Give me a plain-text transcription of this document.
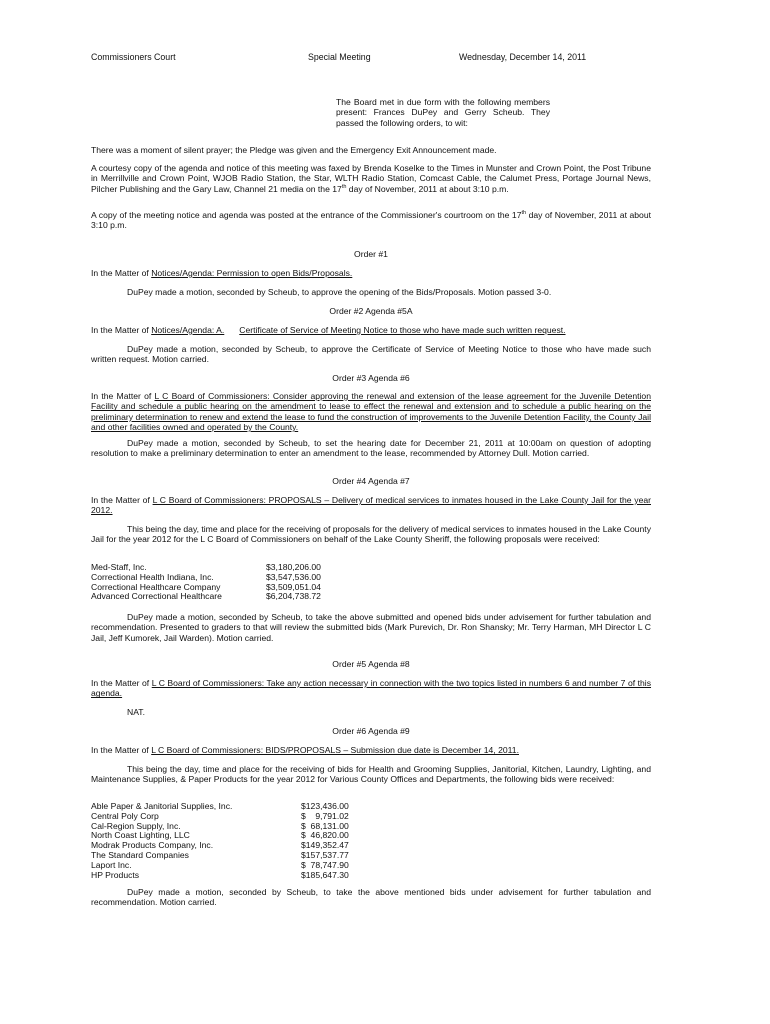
Commissioners Court	Special Meeting	Wednesday, December 14, 2011
The Board met in due form with the following members present: Frances DuPey and Gerry Scheub. They passed the following orders, to wit:
There was a moment of silent prayer; the Pledge was given and the Emergency Exit Announcement made.
A courtesy copy of the agenda and notice of this meeting was faxed by Brenda Koselke to the Times in Munster and Crown Point, the Post Tribune in Merrillville and Crown Point, WJOB Radio Station, the Star, WLTH Radio Station, Comcast Cable, the Calumet Press, Portage Journal News, Pilcher Publishing and the Gary Law, Channel 21 media on the 17th day of November, 2011 at about 3:10 p.m.
A copy of the meeting notice and agenda was posted at the entrance of the Commissioner's courtroom on the 17th day of November, 2011 at about 3:10 p.m.
Order #1
In the Matter of Notices/Agenda: Permission to open Bids/Proposals.
DuPey made a motion, seconded by Scheub, to approve the opening of the Bids/Proposals. Motion passed 3-0.
Order #2 Agenda #5A
In the Matter of Notices/Agenda: A. Certificate of Service of Meeting Notice to those who have made such written request.
DuPey made a motion, seconded by Scheub, to approve the Certificate of Service of Meeting Notice to those who have made such written request. Motion carried.
Order #3 Agenda #6
In the Matter of L C Board of Commissioners: Consider approving the renewal and extension of the lease agreement for the Juvenile Detention Facility and schedule a public hearing on the amendment to lease to effect the renewal and extension and to schedule a public hearing on the preliminary determination to renew and extend the lease to fund the construction of improvements to the Juvenile Detention Facility, the County Jail and other facilities owned and operated by the County.
DuPey made a motion, seconded by Scheub, to set the hearing date for December 21, 2011 at 10:00am on question of adopting resolution to make a preliminary determination to enter an amendment to the lease, recommended by Attorney Dull. Motion carried.
Order #4 Agenda #7
In the Matter of L C Board of Commissioners: PROPOSALS – Delivery of medical services to inmates housed in the Lake County Jail for the year 2012.
This being the day, time and place for the receiving of proposals for the delivery of medical services to inmates housed in the Lake County Jail for the year 2012 for the L C Board of Commissioners on behalf of the Lake County Sheriff, the following proposals were received:
Med-Staff, Inc.	$3,180,206.00
Correctional Health Indiana, Inc.	$3,547,536.00
Correctional Healthcare Company	$3,509,051.04
Advanced Correctional Healthcare	$6,204,738.72
DuPey made a motion, seconded by Scheub, to take the above submitted and opened bids under advisement for further tabulation and recommendation. Presented to graders to that will review the submitted bids (Mark Purevich, Dr. Ron Shansky; Mr. Terry Harman, MH Director L C Jail, Jeff Kumorek, Jail Warden). Motion carried.
Order #5 Agenda #8
In the Matter of L C Board of Commissioners: Take any action necessary in connection with the two topics listed in numbers 6 and number 7 of this agenda.
NAT.
Order #6 Agenda #9
In the Matter of L C Board of Commissioners: BIDS/PROPOSALS – Submission due date is December 14, 2011.
This being the day, time and place for the receiving of bids for Health and Grooming Supplies, Janitorial, Kitchen, Laundry, Lighting, and Maintenance Supplies, & Paper Products for the year 2012 for Various County Offices and Departments, the following bids were received:
Able Paper & Janitorial Supplies, Inc.	$123,436.00
Central Poly Corp	$    9,791.02
Cal-Region Supply, Inc.	$  68,131.00
North Coast Lighting, LLC	$  46,820.00
Modrak Products Company, Inc.	$149,352.47
The Standard Companies	$157,537.77
Laport Inc.	$  78,747.90
HP Products	$185,647.30
DuPey made a motion, seconded by Scheub, to take the above mentioned bids under advisement for further tabulation and recommendation. Motion carried.
